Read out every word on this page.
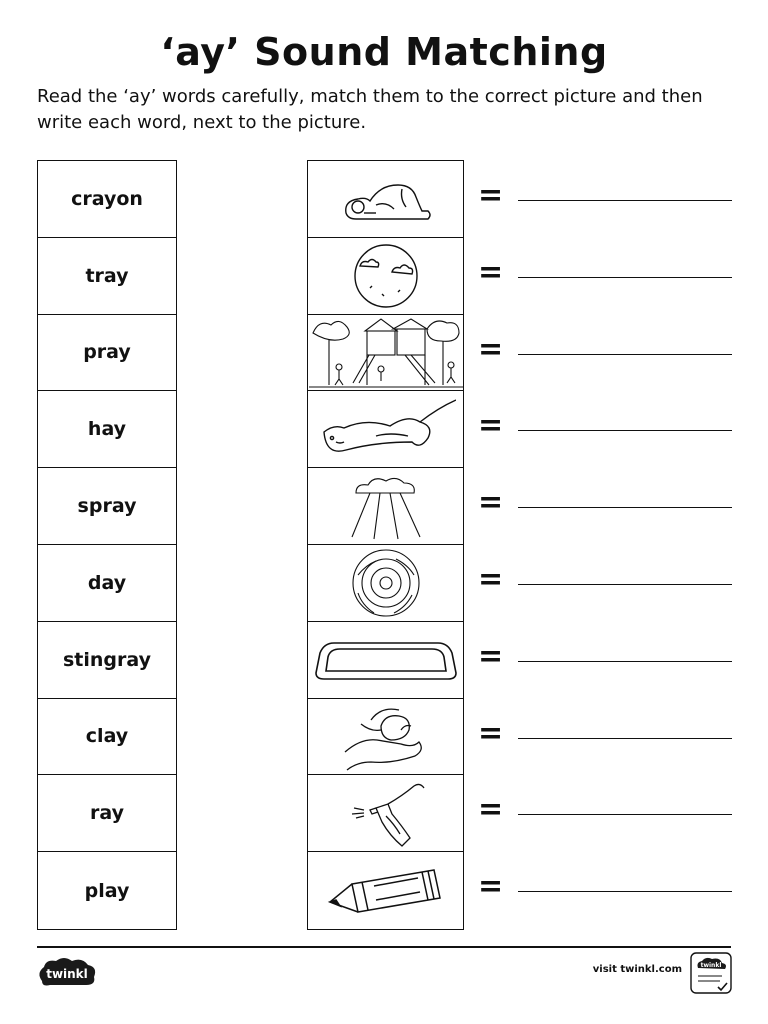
‘ay’ Sound Matching
Read the ‘ay’ words carefully, match them to the correct picture and then write each word, next to the picture.
crayon
tray
pray
hay
spray
day
stingray
clay
ray
play
=
=
=
=
=
=
=
=
=
=
twinkl	visit twinkl.com	twinkl
